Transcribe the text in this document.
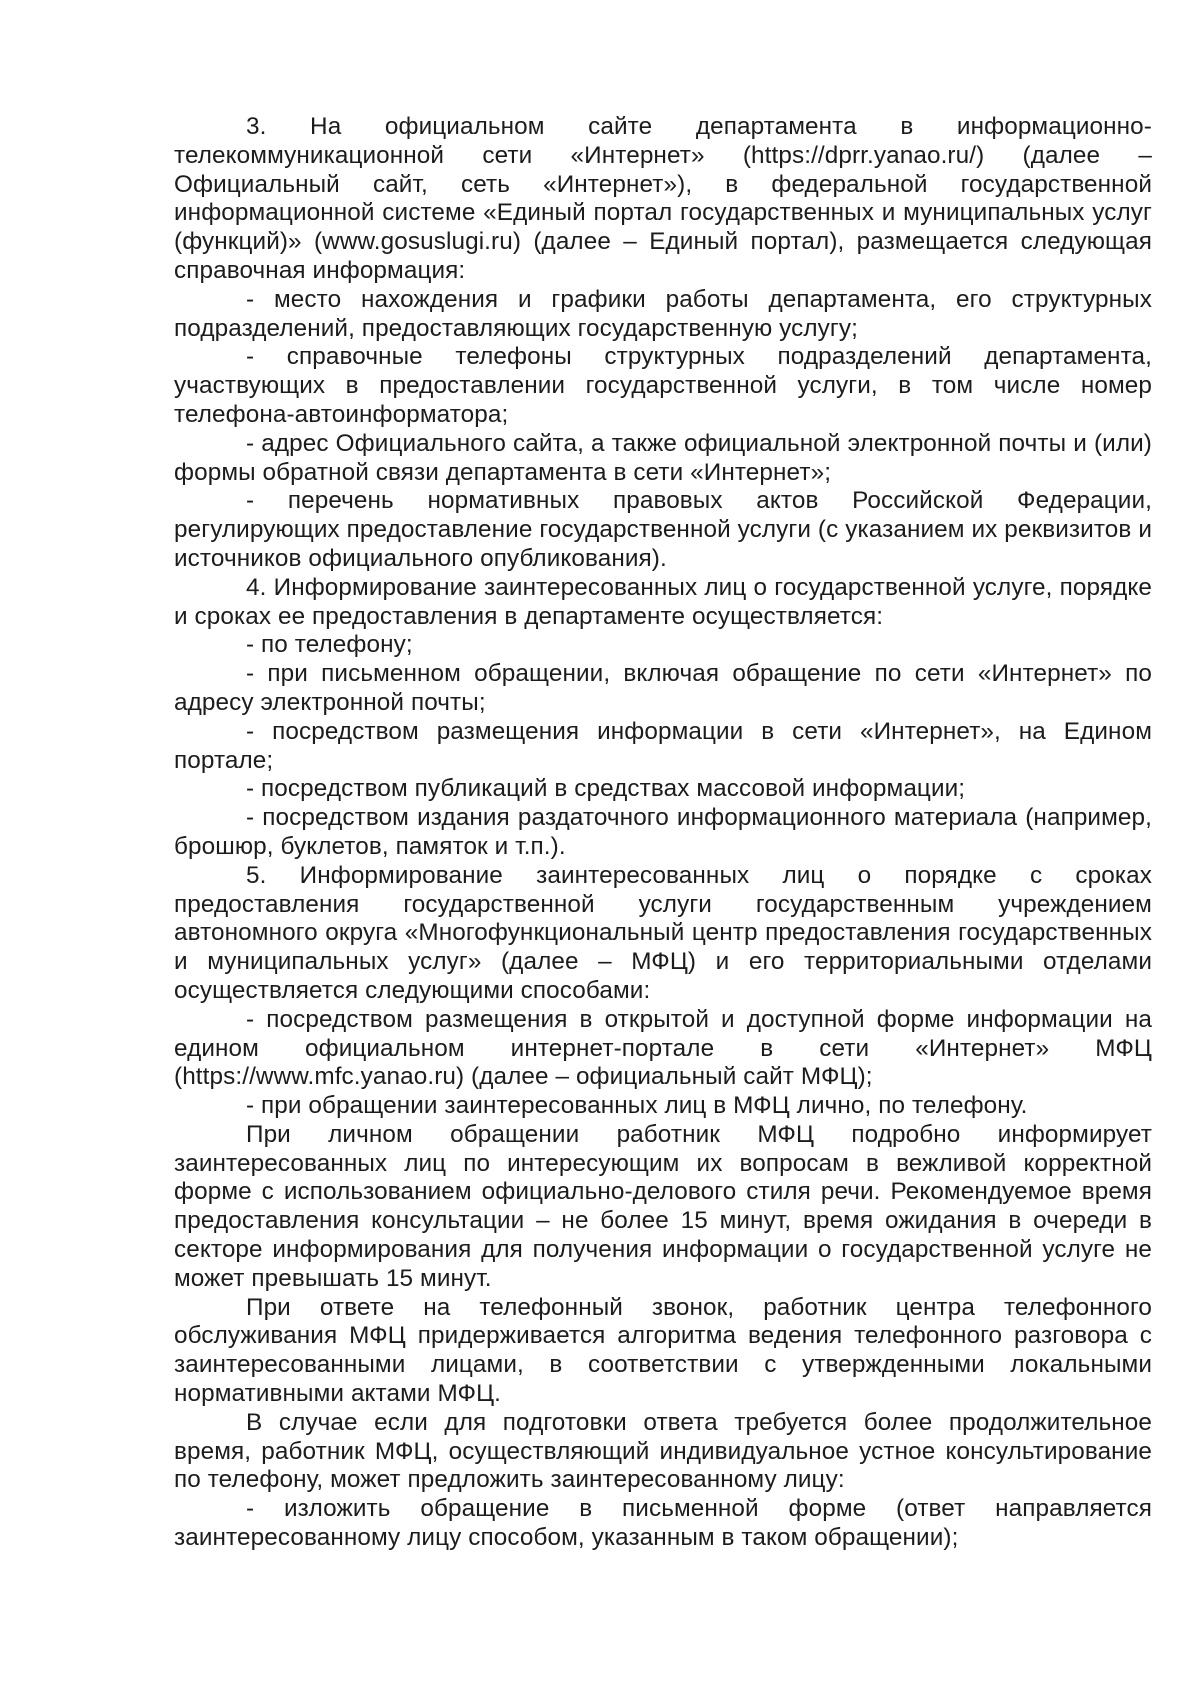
3. На официальном сайте департамента в информационно-телекоммуникационной сети «Интернет» (https://dprr.yanao.ru/) (далее – Официальный сайт, сеть «Интернет»), в федеральной государственной информационной системе «Единый портал государственных и муниципальных услуг (функций)» (www.gosuslugi.ru) (далее – Единый портал), размещается следующая справочная информация:

- место нахождения и графики работы департамента, его структурных подразделений, предоставляющих государственную услугу;

- справочные телефоны структурных подразделений департамента, участвующих в предоставлении государственной услуги, в том числе номер телефона-автоинформатора;

- адрес Официального сайта, а также официальной электронной почты и (или) формы обратной связи департамента в сети «Интернет»;

- перечень нормативных правовых актов Российской Федерации, регулирующих предоставление государственной услуги (с указанием их реквизитов и источников официального опубликования).

4. Информирование заинтересованных лиц о государственной услуге, порядке и сроках ее предоставления в департаменте осуществляется:

- по телефону;

- при письменном обращении, включая обращение по сети «Интернет» по адресу электронной почты;

- посредством размещения информации в сети «Интернет», на Едином портале;

- посредством публикаций в средствах массовой информации;

- посредством издания раздаточного информационного материала (например, брошюр, буклетов, памяток и т.п.).

5. Информирование заинтересованных лиц о порядке с сроках предоставления государственной услуги государственным учреждением автономного округа «Многофункциональный центр предоставления государственных и муниципальных услуг» (далее – МФЦ) и его территориальными отделами осуществляется следующими способами:

- посредством размещения в открытой и доступной форме информации на едином официальном интернет-портале в сети «Интернет» МФЦ (https://www.mfc.yanao.ru) (далее – официальный сайт МФЦ);

- при обращении заинтересованных лиц в МФЦ лично, по телефону.

При личном обращении работник МФЦ подробно информирует заинтересованных лиц по интересующим их вопросам в вежливой корректной форме с использованием официально-делового стиля речи. Рекомендуемое время предоставления консультации – не более 15 минут, время ожидания в очереди в секторе информирования для получения информации о государственной услуге не может превышать 15 минут.

При ответе на телефонный звонок, работник центра телефонного обслуживания МФЦ придерживается алгоритма ведения телефонного разговора с заинтересованными лицами, в соответствии с утвержденными локальными нормативными актами МФЦ.

В случае если для подготовки ответа требуется более продолжительное время, работник МФЦ, осуществляющий индивидуальное устное консультирование по телефону, может предложить заинтересованному лицу:

- изложить обращение в письменной форме (ответ направляется заинтересованному лицу способом, указанным в таком обращении);
